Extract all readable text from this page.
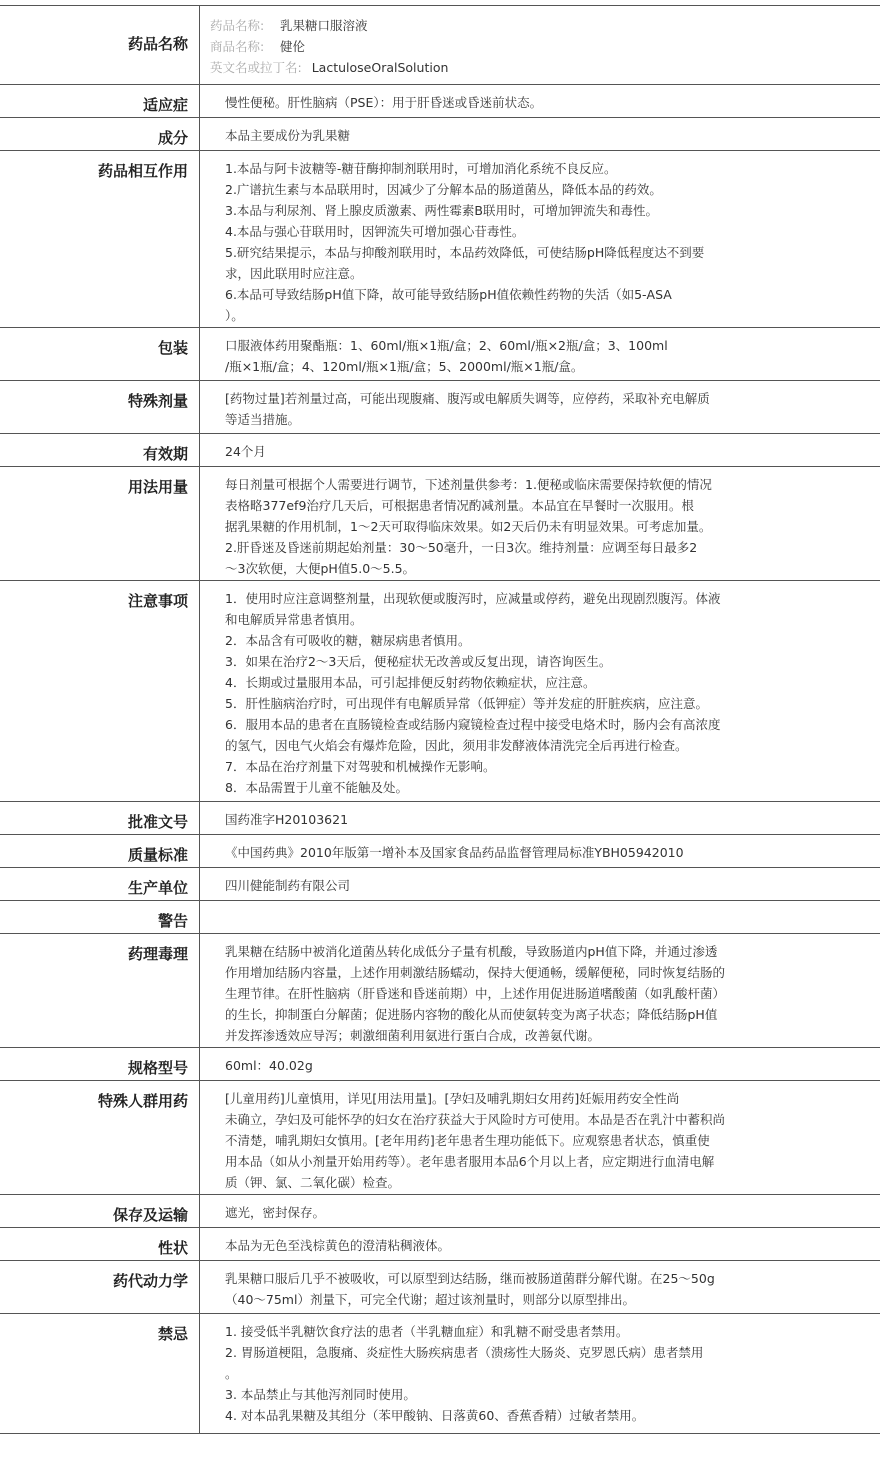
药品名称
药品名称: 乳果糖口服溶液
商品名称: 健伦
英文名或拉丁名: LactuloseOralSolution
适应症	慢性便秘。肝性脑病（PSE）：用于肝昏迷或昏迷前状态。
成分	本品主要成份为乳果糖
药品相互作用	1.本品与阿卡波糖等-糖苷酶抑制剂联用时，可增加消化系统不良反应。
2.广谱抗生素与本品联用时，因减少了分解本品的肠道菌丛，降低本品的药效。
3.本品与利尿剂、肾上腺皮质激素、两性霉素B联用时，可增加钾流失和毒性。
4.本品与强心苷联用时，因钾流失可增加强心苷毒性。
5.研究结果提示，本品与抑酸剂联用时，本品药效降低，可使结肠pH降低程度达不到要
求，因此联用时应注意。
6.本品可导致结肠pH值下降，故可能导致结肠pH值依赖性药物的失活（如5-ASA
）。
包装	口服液体药用聚酯瓶：1、60ml/瓶×1瓶/盒；2、60ml/瓶×2瓶/盒；3、100ml
/瓶×1瓶/盒；4、120ml/瓶×1瓶/盒；5、2000ml/瓶×1瓶/盒。
特殊剂量	[药物过量]若剂量过高，可能出现腹痛、腹泻或电解质失调等，应停药，采取补充电解质
等适当措施。
有效期	24个月
用法用量	每日剂量可根据个人需要进行调节，下述剂量供参考：1.便秘或临床需要保持软便的情况
表格略377ef9治疗几天后，可根据患者情况酌减剂量。本品宜在早餐时一次服用。根
据乳果糖的作用机制，1～2天可取得临床效果。如2天后仍未有明显效果。可考虑加量。
2.肝昏迷及昏迷前期起始剂量：30～50毫升，一日3次。维持剂量：应调至每日最多2
～3次软便，大便pH值5.0～5.5。
注意事项	1．使用时应注意调整剂量，出现软便或腹泻时，应减量或停药，避免出现剧烈腹泻。体液
和电解质异常患者慎用。
2．本品含有可吸收的糖，糖尿病患者慎用。
3．如果在治疗2～3天后，便秘症状无改善或反复出现，请咨询医生。
4．长期或过量服用本品，可引起排便反射药物依赖症状，应注意。
5．肝性脑病治疗时，可出现伴有电解质异常（低钾症）等并发症的肝脏疾病，应注意。
6．服用本品的患者在直肠镜检查或结肠内窥镜检查过程中接受电烙术时，肠内会有高浓度
的氢气，因电气火焰会有爆炸危险，因此，须用非发酵液体清洗完全后再进行检查。
7．本品在治疗剂量下对驾驶和机械操作无影响。
8．本品需置于儿童不能触及处。
批准文号	国药准字H20103621
质量标准	《中国药典》2010年版第一增补本及国家食品药品监督管理局标准YBH05942010
生产单位	四川健能制药有限公司
警告
药理毒理	乳果糖在结肠中被消化道菌丛转化成低分子量有机酸，导致肠道内pH值下降，并通过渗透
作用增加结肠内容量，上述作用刺激结肠蠕动，保持大便通畅，缓解便秘，同时恢复结肠的
生理节律。在肝性脑病（肝昏迷和昏迷前期）中，上述作用促进肠道嗜酸菌（如乳酸杆菌）
的生长，抑制蛋白分解菌；促进肠内容物的酸化从而使氨转变为离子状态；降低结肠pH值
并发挥渗透效应导泻；刺激细菌利用氨进行蛋白合成，改善氨代谢。
规格型号	60ml：40.02g
特殊人群用药	[儿童用药]儿童慎用，详见[用法用量]。[孕妇及哺乳期妇女用药]妊娠用药安全性尚
未确立，孕妇及可能怀孕的妇女在治疗获益大于风险时方可使用。本品是否在乳汁中蓄积尚
不清楚，哺乳期妇女慎用。[老年用药]老年患者生理功能低下。应观察患者状态，慎重使
用本品（如从小剂量开始用药等）。老年患者服用本品6个月以上者，应定期进行血清电解
质（钾、氯、二氧化碳）检查。
保存及运输	遮光，密封保存。
性状	本品为无色至浅棕黄色的澄清粘稠液体。
药代动力学	乳果糖口服后几乎不被吸收，可以原型到达结肠，继而被肠道菌群分解代谢。在25～50g
（40～75ml）剂量下，可完全代谢；超过该剂量时，则部分以原型排出。
禁忌	1. 接受低半乳糖饮食疗法的患者（半乳糖血症）和乳糖不耐受患者禁用。
2. 胃肠道梗阻，急腹痛、炎症性大肠疾病患者（溃疡性大肠炎、克罗恩氏病）患者禁用
。
3. 本品禁止与其他泻剂同时使用。
4. 对本品乳果糖及其组分（苯甲酸钠、日落黄60、香蕉香精）过敏者禁用。
